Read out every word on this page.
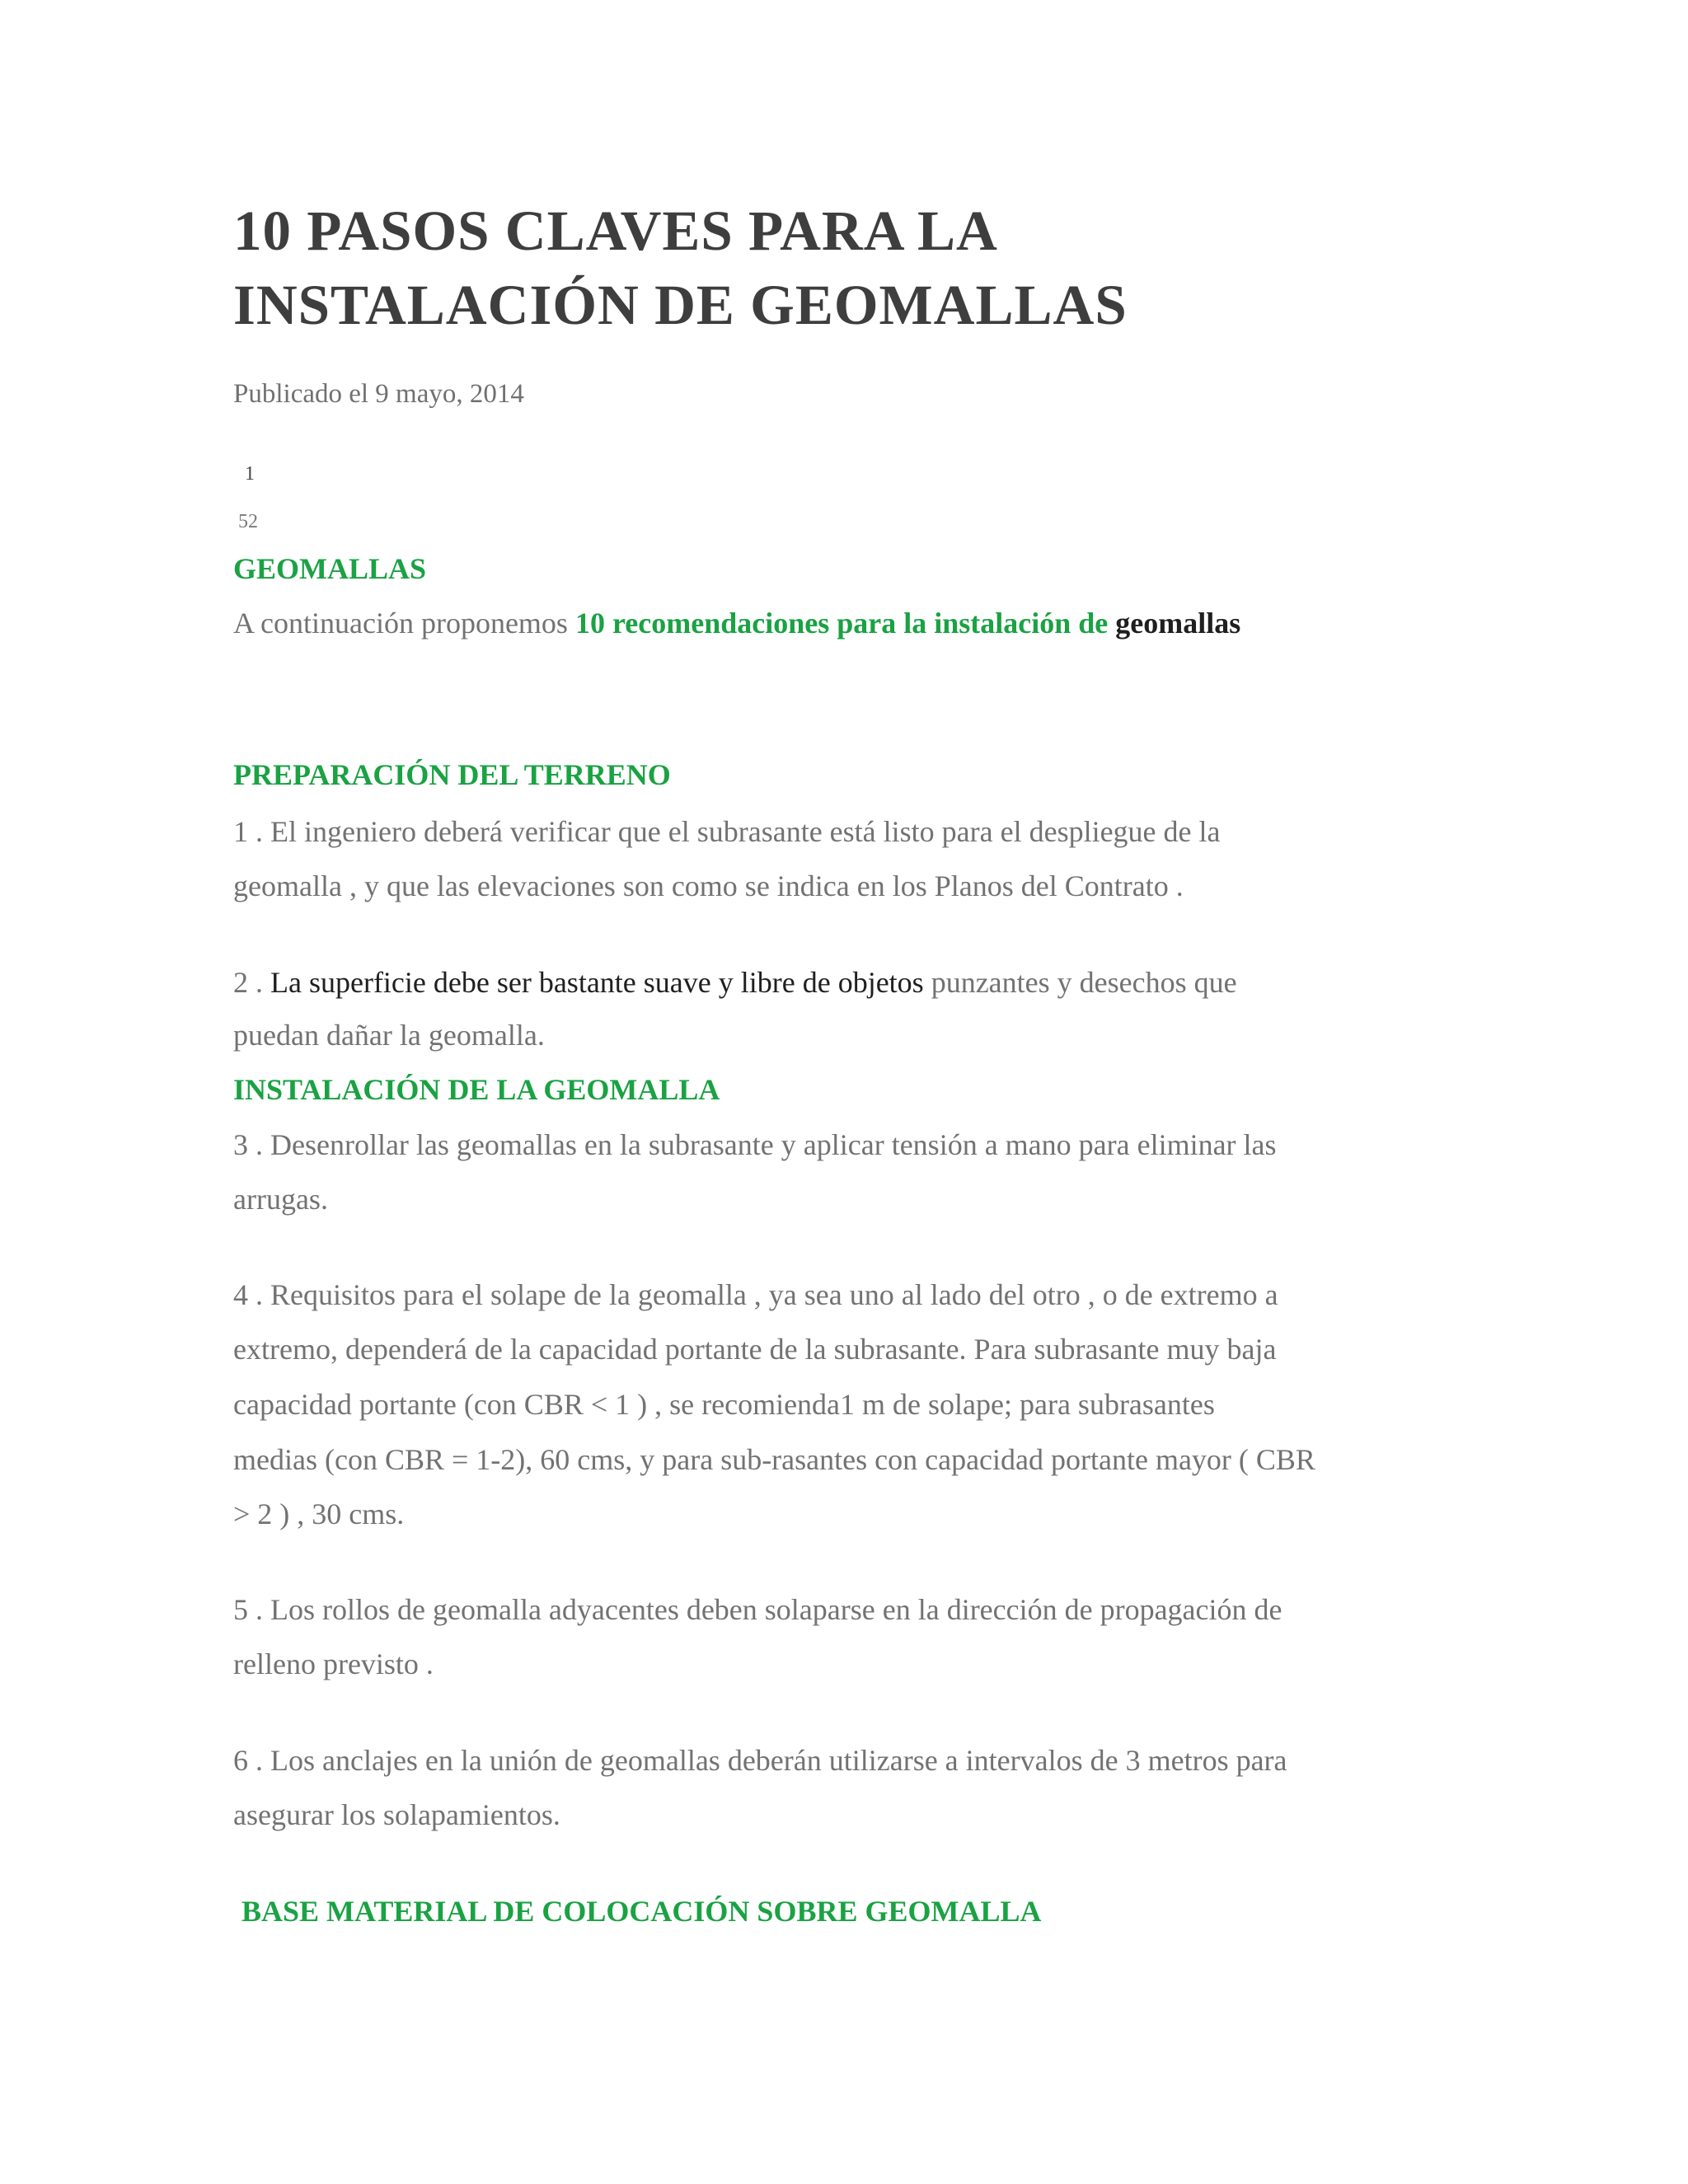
10 PASOS CLAVES PARA LA
INSTALACIÓN DE GEOMALLAS
Publicado el 9 mayo, 2014
1
52
GEOMALLAS
A continuación proponemos 10 recomendaciones para la instalación de geomallas
PREPARACIÓN DEL TERRENO
1 . El ingeniero deberá verificar que el subrasante está listo para el despliegue de la
geomalla , y que las elevaciones son como se indica en los Planos del Contrato .
2 . La superficie debe ser bastante suave y libre de objetos punzantes y desechos que
puedan dañar la geomalla.
INSTALACIÓN DE LA GEOMALLA
3 . Desenrollar las geomallas en la subrasante y aplicar tensión a mano para eliminar las
arrugas.
4 . Requisitos para el solape de la geomalla , ya sea uno al lado del otro , o de extremo a
extremo, dependerá de la capacidad portante de la subrasante. Para subrasante muy baja
capacidad portante (con CBR < 1 ) , se recomienda1 m de solape; para subrasantes
medias (con CBR = 1-2), 60 cms, y para sub-rasantes con capacidad portante mayor ( CBR
> 2 ) , 30 cms.
5 . Los rollos de geomalla adyacentes deben solaparse en la dirección de propagación de
relleno previsto .
6 . Los anclajes en la unión de geomallas deberán utilizarse a intervalos de 3 metros para
asegurar los solapamientos.
BASE MATERIAL DE COLOCACIÓN SOBRE GEOMALLA
